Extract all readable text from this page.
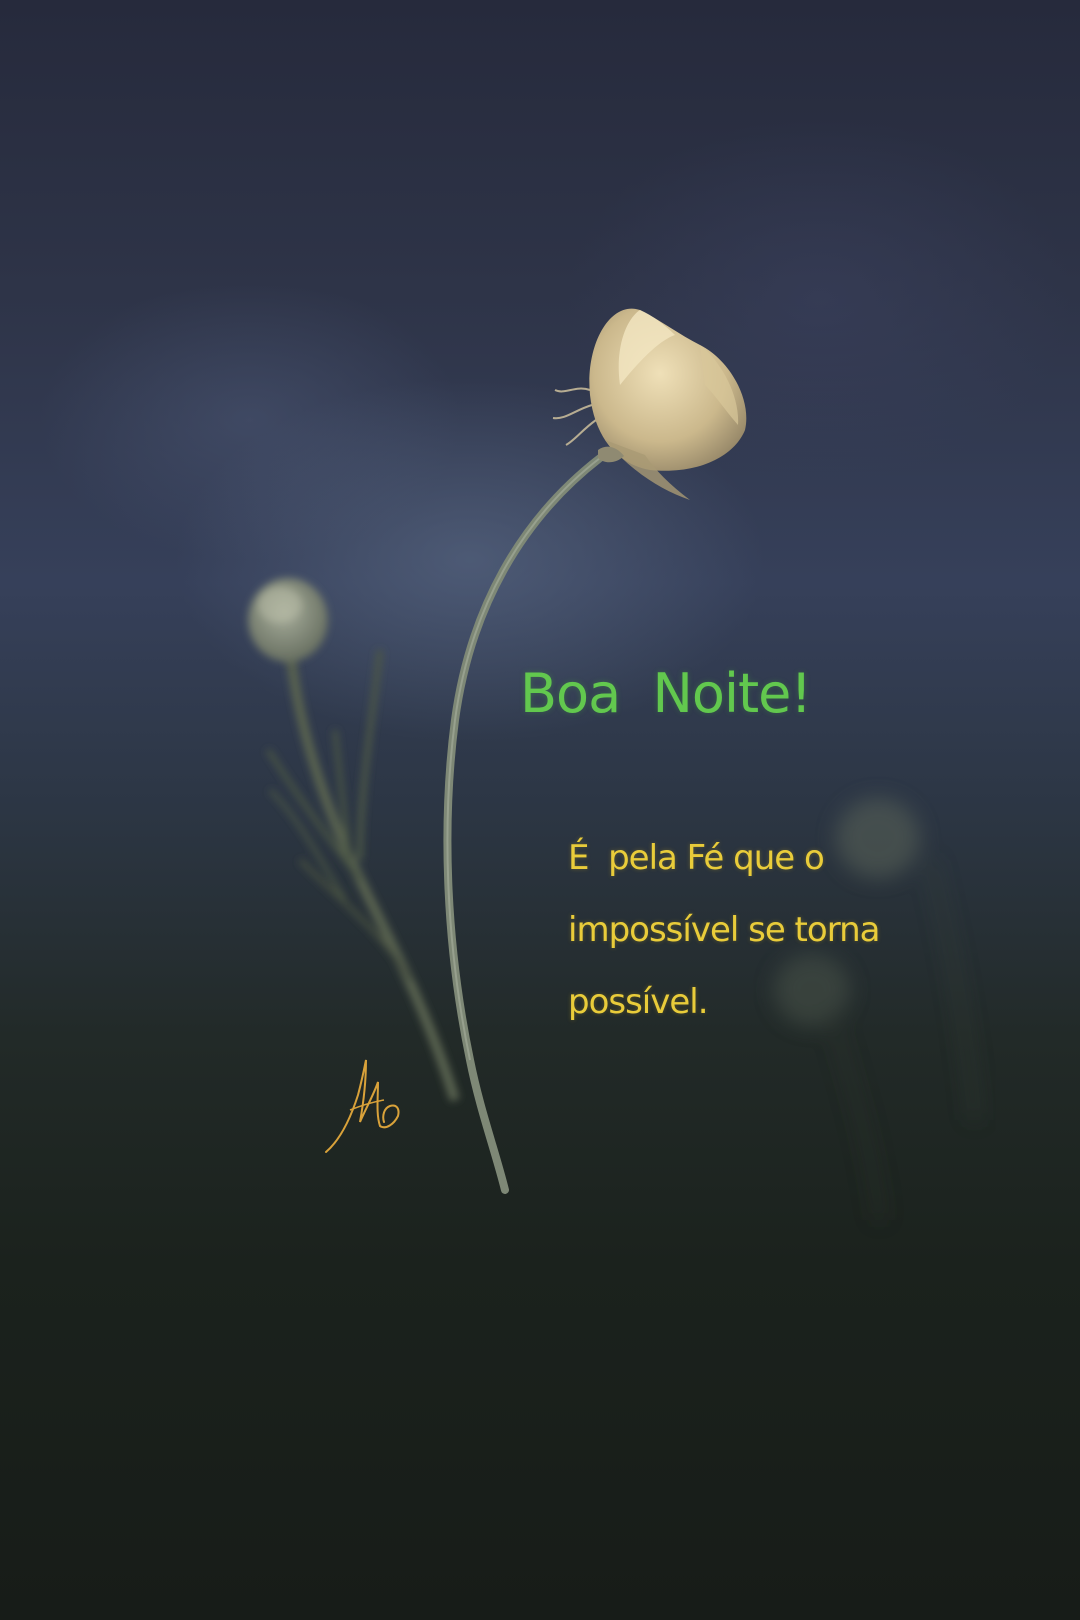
Boa  Noite!

É  pela Fé que o
impossível se torna
possível.
